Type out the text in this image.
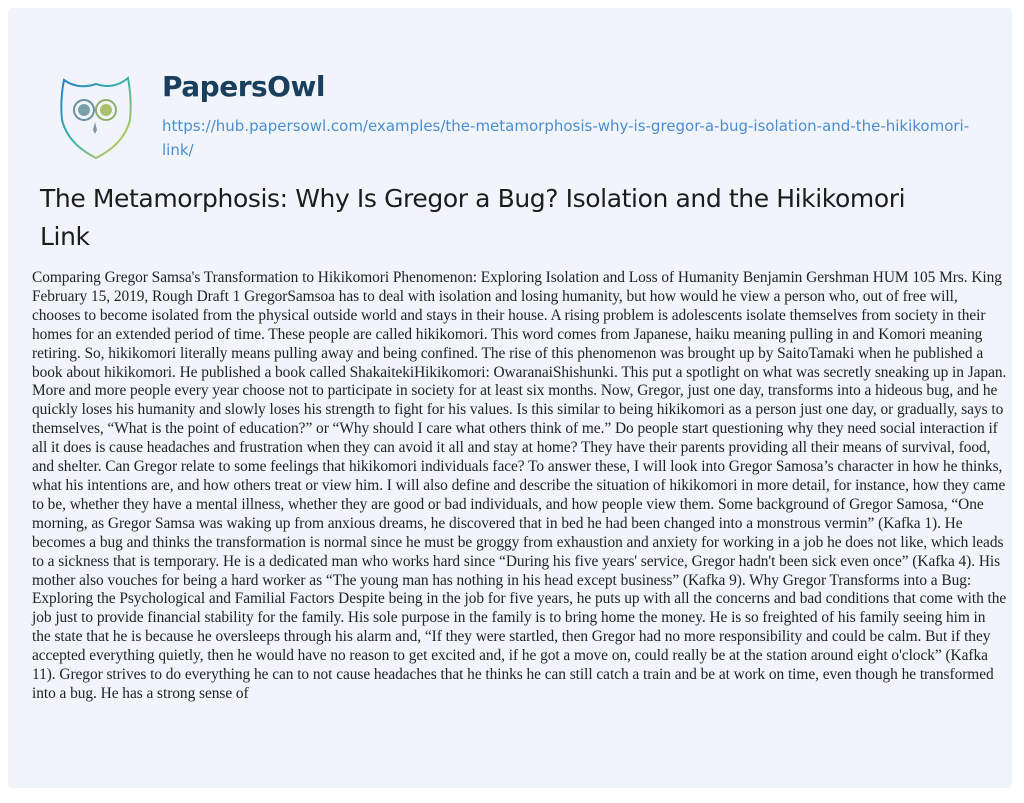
PapersOwl
https://hub.papersowl.com/examples/the-metamorphosis-why-is-gregor-a-bug-isolation-and-the-hikikomori-link/
The Metamorphosis: Why Is Gregor a Bug? Isolation and the Hikikomori Link

Comparing Gregor Samsa's Transformation to Hikikomori Phenomenon: Exploring Isolation and Loss of Humanity Benjamin Gershman HUM 105 Mrs. King February 15, 2019, Rough Draft 1 GregorSamsoa has to deal with isolation and losing humanity, but how would he view a person who, out of free will, chooses to become isolated from the physical outside world and stays in their house. A rising problem is adolescents isolate themselves from society in their homes for an extended period of time. These people are called hikikomori. This word comes from Japanese, haiku meaning pulling in and Komori meaning retiring. So, hikikomori literally means pulling away and being confined. The rise of this phenomenon was brought up by SaitoTamaki when he published a book about hikikomori. He published a book called ShakaitekiHikikomori: OwaranaiShishunki. This put a spotlight on what was secretly sneaking up in Japan. More and more people every year choose not to participate in society for at least six months. Now, Gregor, just one day, transforms into a hideous bug, and he quickly loses his humanity and slowly loses his strength to fight for his values. Is this similar to being hikikomori as a person just one day, or gradually, says to themselves, “What is the point of education?” or “Why should I care what others think of me.” Do people start questioning why they need social interaction if all it does is cause headaches and frustration when they can avoid it all and stay at home? They have their parents providing all their means of survival, food, and shelter. Can Gregor relate to some feelings that hikikomori individuals face? To answer these, I will look into Gregor Samosa’s character in how he thinks, what his intentions are, and how others treat or view him. I will also define and describe the situation of hikikomori in more detail, for instance, how they came to be, whether they have a mental illness, whether they are good or bad individuals, and how people view them. Some background of Gregor Samosa, “One morning, as Gregor Samsa was waking up from anxious dreams, he discovered that in bed he had been changed into a monstrous vermin” (Kafka 1). He becomes a bug and thinks the transformation is normal since he must be groggy from exhaustion and anxiety for working in a job he does not like, which leads to a sickness that is temporary. He is a dedicated man who works hard since “During his five years' service, Gregor hadn't been sick even once” (Kafka 4). His mother also vouches for being a hard worker as “The young man has nothing in his head except business” (Kafka 9). Why Gregor Transforms into a Bug: Exploring the Psychological and Familial Factors Despite being in the job for five years, he puts up with all the concerns and bad conditions that come with the job just to provide financial stability for the family. His sole purpose in the family is to bring home the money. He is so freighted of his family seeing him in the state that he is because he oversleeps through his alarm and, “If they were startled, then Gregor had no more responsibility and could be calm. But if they accepted everything quietly, then he would have no reason to get excited and, if he got a move on, could really be at the station around eight o'clock” (Kafka 11). Gregor strives to do everything he can to not cause headaches that he thinks he can still catch a train and be at work on time, even though he transformed into a bug. He has a strong sense of
